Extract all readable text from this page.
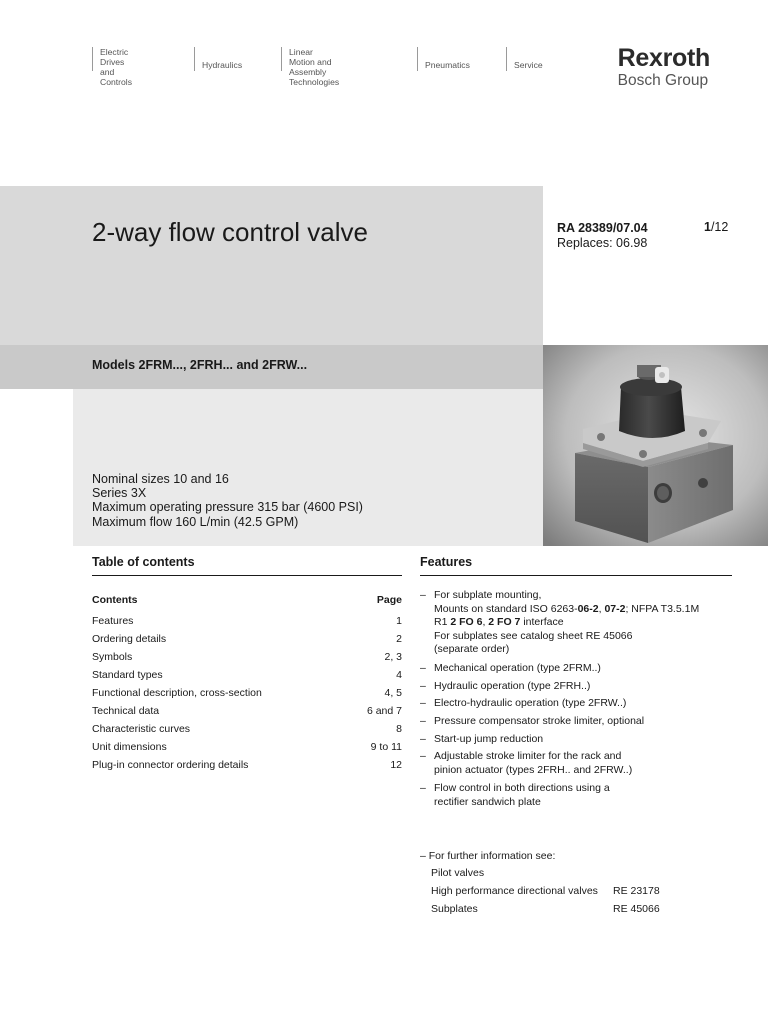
Electric Drives
and Controls
Hydraulics
Linear Motion and
Assembly Technologies
Pneumatics	Service	Rexroth
Bosch Group
2-way flow control valve	RA 28389/07.04
Replaces: 06.98
1/12
Models 2FRM..., 2FRH... and 2FRW...
Nominal sizes 10 and 16
Series 3X
Maximum operating pressure 315 bar (4600 PSI)
Maximum flow 160 L/min (42.5 GPM)
Table of contents
Contents	Page
Features	1
Ordering details	2
Symbols	2, 3
Standard types	4
Functional description, cross-section	4, 5
Technical data	6 and 7
Characteristic curves	8
Unit dimensions	9 to 11
Plug-in connector ordering details	12
Features
– For subplate mounting,
Mounts on standard ISO 6263-06-2, 07-2; NFPA T3.5.1M
R1 2 FO 6, 2 FO 7 interface
For subplates see catalog sheet RE 45066
(separate order)
– Mechanical operation (type 2FRM..)
– Hydraulic operation (type 2FRH..)
– Electro-hydraulic operation (type 2FRW..)
– Pressure compensator stroke limiter, optional
– Start-up jump reduction
– Adjustable stroke limiter for the rack and
pinion actuator (types 2FRH.. and 2FRW..)
– Flow control in both directions using a
rectifier sandwich plate
– For further information see:
Pilot valves
High performance directional valves RE 23178
Subplates	RE 45066
